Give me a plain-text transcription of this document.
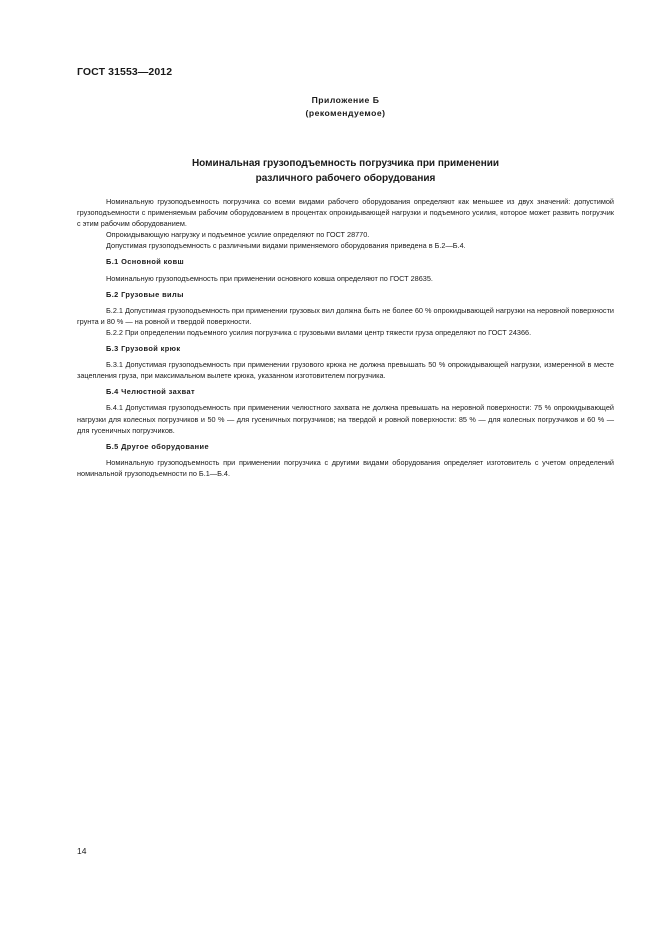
ГОСТ 31553—2012
Приложение Б
(рекомендуемое)
Номинальная грузоподъемность погрузчика при применении
различного рабочего оборудования

Номинальную грузоподъемность погрузчика со всеми видами рабочего оборудования определяют как меньшее из двух значений: допустимой грузоподъемности с применяемым рабочим оборудованием в процентах опрокидывающей нагрузки и подъемного усилия, которое может развить погрузчик с этим рабочим оборудованием.

Опрокидывающую нагрузку и подъемное усилие определяют по ГОСТ 28770.

Допустимая грузоподъемность с различными видами применяемого оборудования приведена в Б.2—Б.4.

Б.1 Основной ковш

Номинальную грузоподъемность при применении основного ковша определяют по ГОСТ 28635.

Б.2 Грузовые вилы

Б.2.1 Допустимая грузоподъемность при применении грузовых вил должна быть не более 60 % опрокидывающей нагрузки на неровной поверхности грунта и 80 % — на ровной и твердой поверхности.

Б.2.2 При определении подъемного усилия погрузчика с грузовыми вилами центр тяжести груза определяют по ГОСТ 24366.

Б.3 Грузовой крюк

Б.3.1 Допустимая грузоподъемность при применении грузового крюка не должна превышать 50 % опрокидывающей нагрузки, измеренной в месте зацепления груза, при максимальном вылете крюка, указанном изготовителем погрузчика.

Б.4 Челюстной захват

Б.4.1 Допустимая грузоподъемность при применении челюстного захвата не должна превышать на неровной поверхности: 75 % опрокидывающей нагрузки для колесных погрузчиков и 50 % — для гусеничных погрузчиков; на твердой и ровной поверхности: 85 % — для колесных погрузчиков и 60 % — для гусеничных погрузчиков.

Б.5 Другое оборудование

Номинальную грузоподъемность при применении погрузчика с другими видами оборудования определяет изготовитель с учетом определений номинальной грузоподъемности по Б.1—Б.4.

14
